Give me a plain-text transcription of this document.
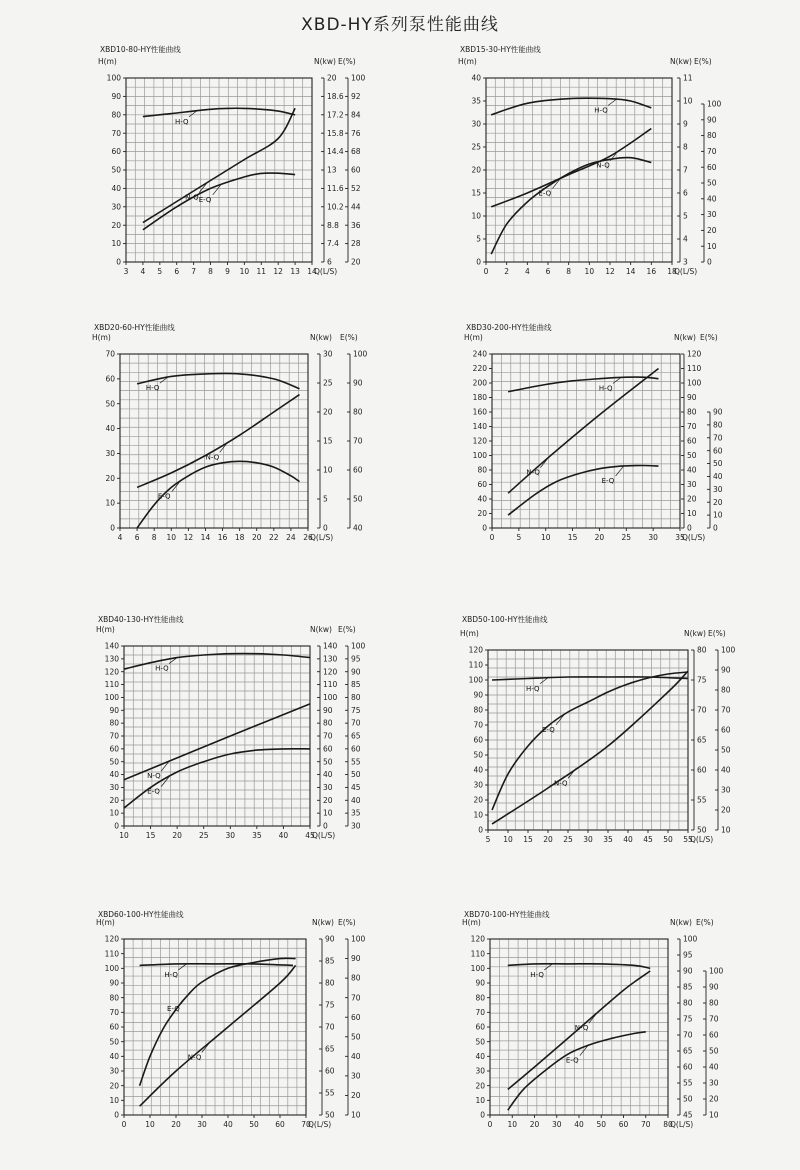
XBD-HY系列泵性能曲线
XBD10-80-HY性能曲线
3 4 5 6 7 8 9 10 11 12 13 14
Q(L/S)
0
10
20
30
40
50
60
70
80
90
100
H(m)
6
7.4
8.8
10.2
11.6
13
14.4
15.8
17.2
18.6
20
N(kw)
20
28
36
44
52
60
68
76
84
92
100
E(%)
H-Q
N-Q E-Q
XBD15-30-HY性能曲线
0 2 4 6 8 10 12 14 16 18
Q(L/S)
0
5
10
15
20
25
30
35
40
H(m)
3
4
5
6
7
8
9
10
11
N(kw)
0
10
20
30
40
50
60
70
80
90
100
E(%)
H-Q
N-Q
E-Q
XBD20-60-HY性能曲线
4 6 8 10 12 14 16 18 20 22 24 26
Q(L/S)
0
10
20
30
40
50
60
70
H(m)
0
5
10
15
20
25
30
N(kw)
40
50
60
70
80
90
100
E(%)
H-Q
N-Q
E-Q
XBD30-200-HY性能曲线
0	5	10 15 20 25 30 35
Q(L/S)
0
20
40
60
80
100
120
140
160
180
200
220
240
H(m)
0
10
20
30
40
50
60
70
80
90
100
110
120
N(kw)
0
10
20
30
40
50
60
70
80
90
E(%)
H-Q
N-Q
E-Q
XBD40-130-HY性能曲线
10 15 20 25 30 35 40 45
Q(L/S)
0
10
20
30
40
50
60
70
80
90
100
110
120
130
140
H(m)
0
10
20
30
40
50
60
70
80
90
100
110
120
130
140
N(kw)
30
35
40
45
50
55
60
65
70
75
80
85
90
95
100
E(%)
H-Q
N-Q
E-Q
XBD50-100-HY性能曲线
5 10 15 20 25 30 35 40 45 50 55
Q(L/S)
0
10
20
30
40
50
60
70
80
90
100
110
120
H(m)
50
55
60
65
70
75
80
N(kw)
10
20
30
40
50
60
70
80
90
100
E(%)
H-Q
N-Q
E-Q
XBD60-100-HY性能曲线
0	10 20 30 40 50 60 70
Q(L/S)
0
10
20
30
40
50
60
70
80
90
100
110
120
H(m)
50
55
60
65
70
75
80
85
90
N(kw)
10
20
30
40
50
60
70
80
90
100
E(%)
H-Q
N-Q
E-Q
XBD70-100-HY性能曲线
0 10 20 30 40 50 60 70 80
Q(L/S)
0
10
20
30
40
50
60
70
80
90
100
110
120
H(m)
45
50
55
60
65
70
75
80
85
90
95
100
N(kw)
10
20
30
40
50
60
70
80
90
100
E(%)
H-Q
N-Q
E-Q
